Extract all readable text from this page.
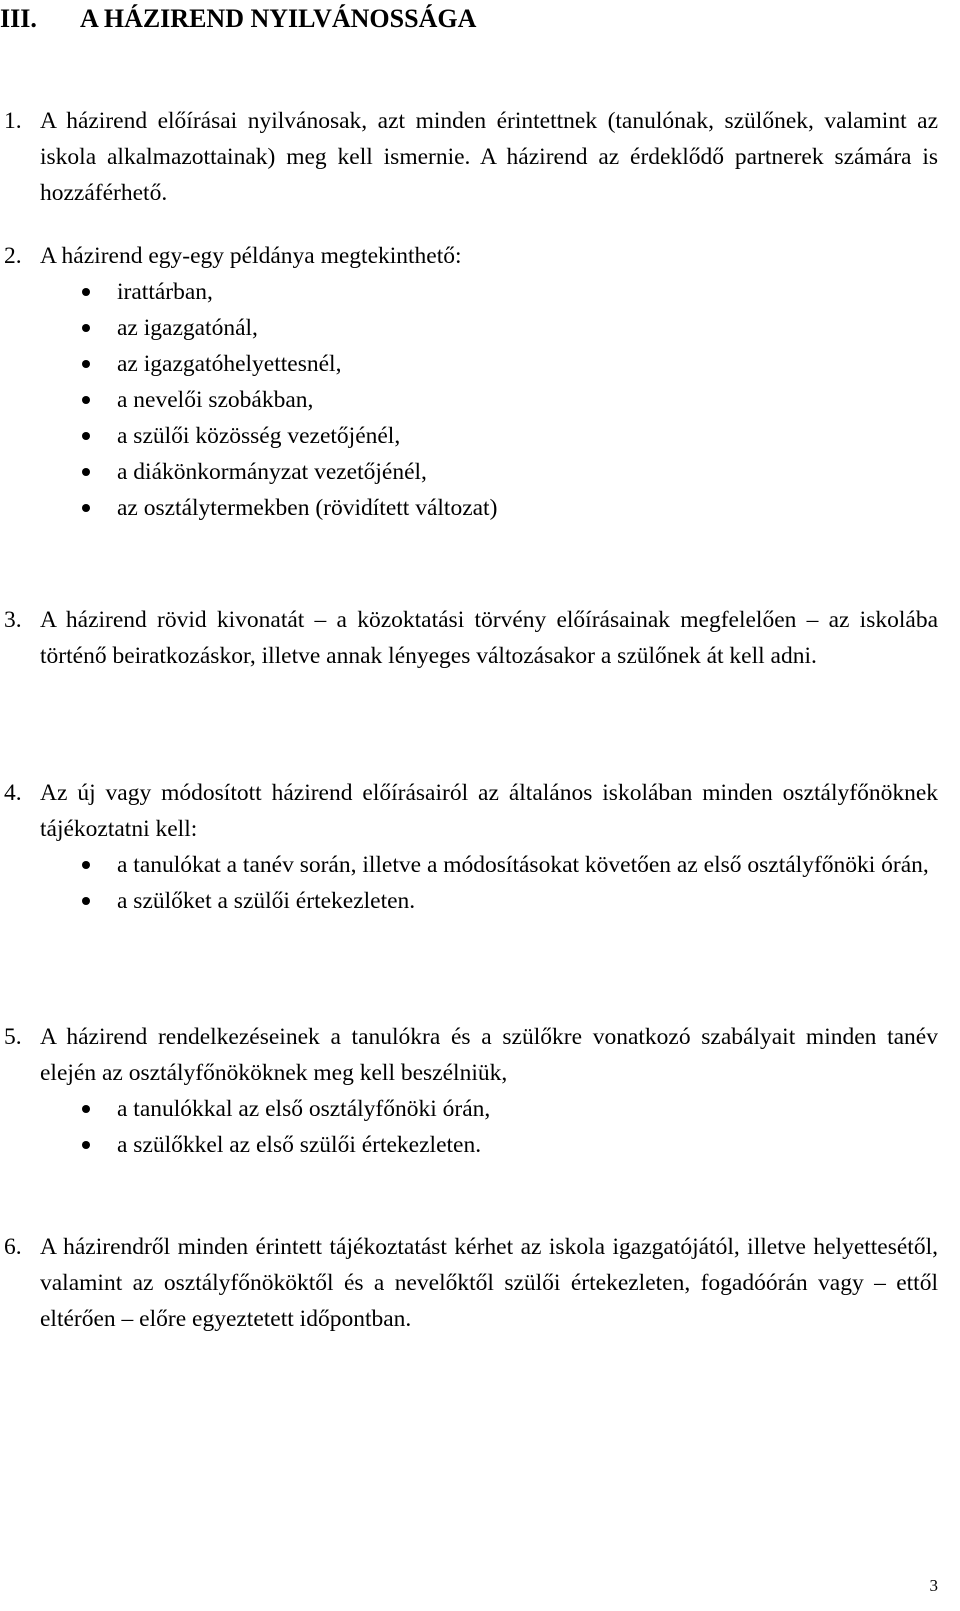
III. A HÁZIREND NYILVÁNOSSÁGA
1. A házirend előírásai nyilvánosak, azt minden érintettnek (tanulónak, szülőnek, valamint az iskola alkalmazottainak) meg kell ismernie. A házirend az érdeklődő partnerek számára is hozzáférhető.
2. A házirend egy-egy példánya megtekinthető:
irattárban,
az igazgatónál,
az igazgatóhelyettesnél,
a nevelői szobákban,
a szülői közösség vezetőjénél,
a diákönkormányzat vezetőjénél,
az osztálytermekben (rövidített változat)
3. A házirend rövid kivonatát – a közoktatási törvény előírásainak megfelelően – az iskolába történő beiratkozáskor, illetve annak lényeges változásakor a szülőnek át kell adni.
4. Az új vagy módosított házirend előírásairól az általános iskolában minden osztályfőnöknek tájékoztatni kell:
a tanulókat a tanév során, illetve a módosításokat követően az első osztályfőnöki órán,
a szülőket a szülői értekezleten.
5. A házirend rendelkezéseinek a tanulókra és a szülőkre vonatkozó szabályait minden tanév elején az osztályfőnököknek meg kell beszélniük,
a tanulókkal az első osztályfőnöki órán,
a szülőkkel az első szülői értekezleten.
6. A házirendről minden érintett tájékoztatást kérhet az iskola igazgatójától, illetve helyettesétől, valamint az osztályfőnököktől és a nevelőktől szülői értekezleten, fogadóórán vagy – ettől eltérően – előre egyeztetett időpontban.
3
